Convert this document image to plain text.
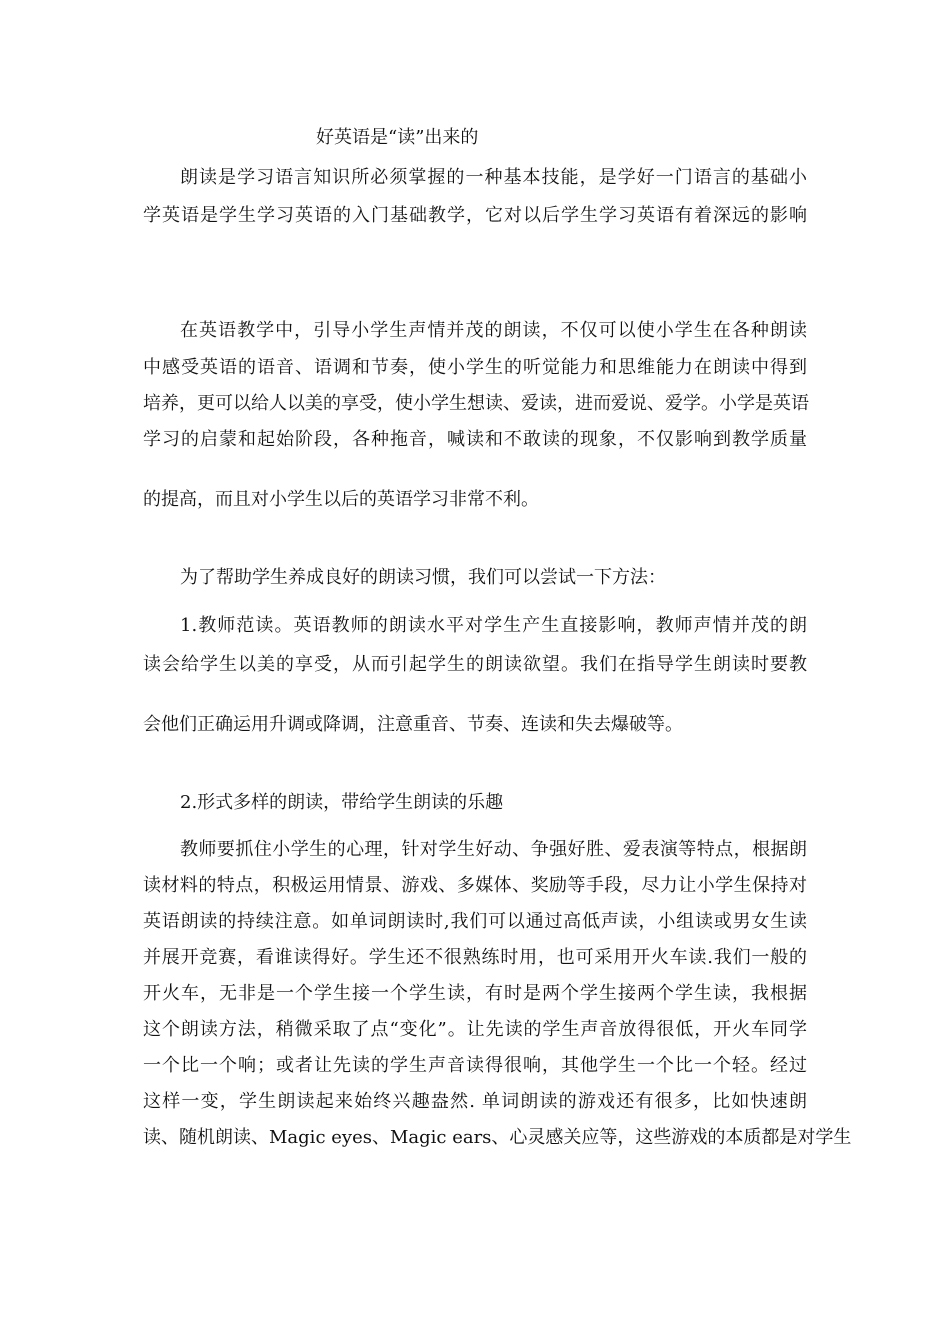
好英语是“读”出来的
朗读是学习语言知识所必须掌握的一种基本技能，是学好一门语言的基础小
学英语是学生学习英语的入门基础教学，它对以后学生学习英语有着深远的影响
在英语教学中，引导小学生声情并茂的朗读，不仅可以使小学生在各种朗读
中感受英语的语音、语调和节奏，使小学生的听觉能力和思维能力在朗读中得到
培养，更可以给人以美的享受，使小学生想读、爱读，进而爱说、爱学。小学是英语
学习的启蒙和起始阶段，各种拖音，喊读和不敢读的现象，不仅影响到教学质量
的提高，而且对小学生以后的英语学习非常不利。
为了帮助学生养成良好的朗读习惯，我们可以尝试一下方法：
1.教师范读。英语教师的朗读水平对学生产生直接影响，教师声情并茂的朗
读会给学生以美的享受，从而引起学生的朗读欲望。我们在指导学生朗读时要教
会他们正确运用升调或降调，注意重音、节奏、连读和失去爆破等。
2.形式多样的朗读，带给学生朗读的乐趣
教师要抓住小学生的心理，针对学生好动、争强好胜、爱表演等特点，根据朗
读材料的特点，积极运用情景、游戏、多媒体、奖励等手段，尽力让小学生保持对
英语朗读的持续注意。如单词朗读时,我们可以通过高低声读，小组读或男女生读
并展开竞赛，看谁读得好。学生还不很熟练时用，也可采用开火车读.我们一般的
开火车，无非是一个学生接一个学生读，有时是两个学生接两个学生读，我根据
这个朗读方法，稍微采取了点“变化”。让先读的学生声音放得很低，开火车同学
一个比一个响；或者让先读的学生声音读得很响，其他学生一个比一个轻。经过
这样一变，学生朗读起来始终兴趣盎然. 单词朗读的游戏还有很多，比如快速朗
读、随机朗读、Magic eyes、Magic ears、心灵感关应等，这些游戏的本质都是对学生
